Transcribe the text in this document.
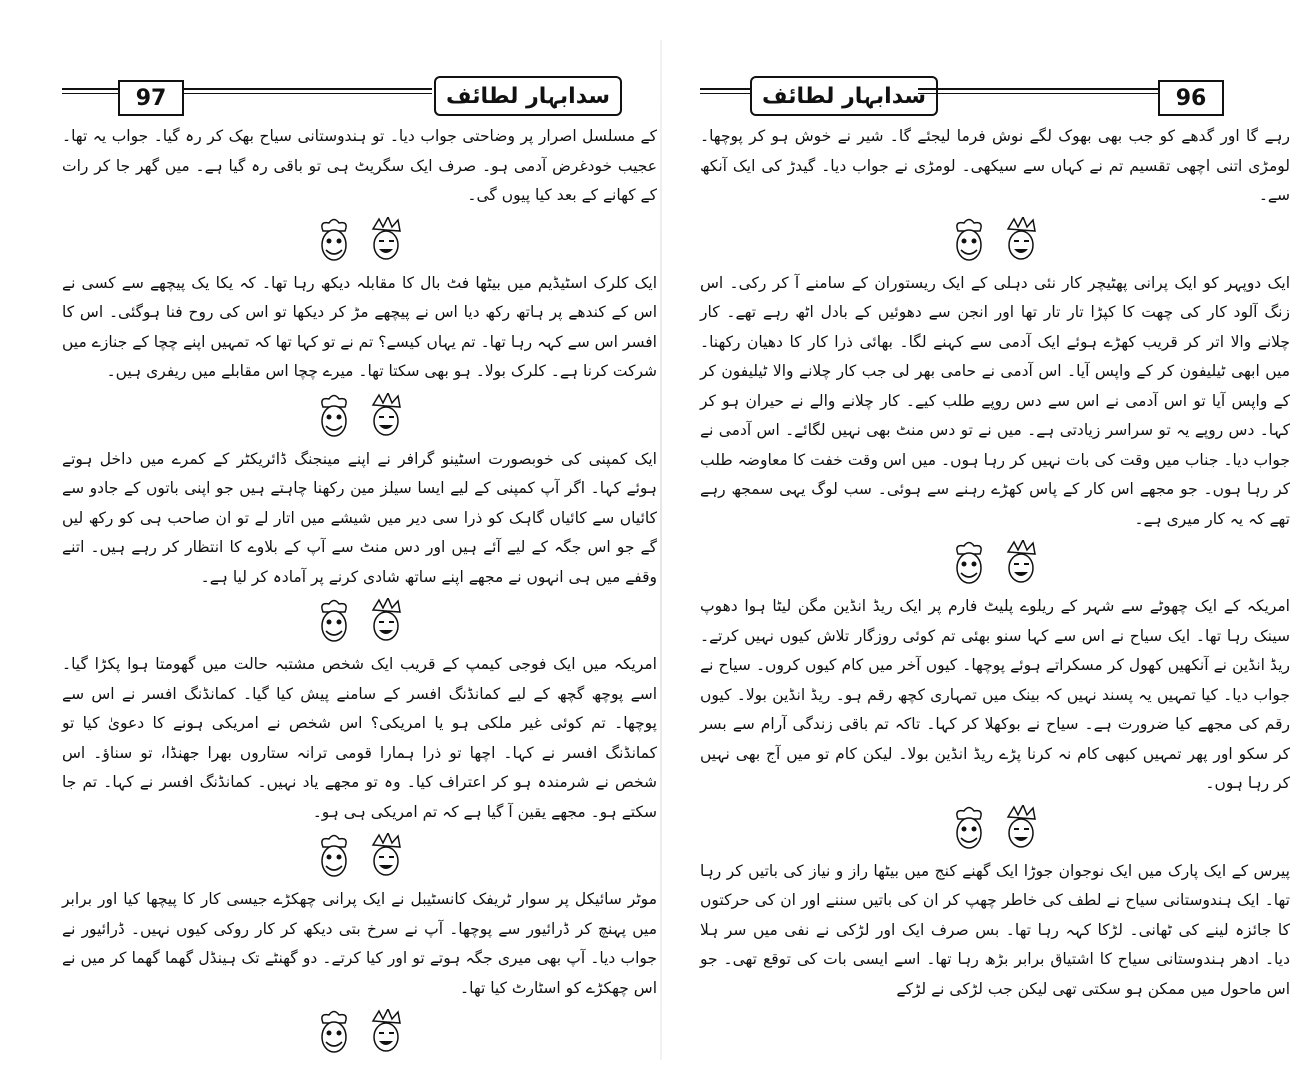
97	سدابہار لطائف

کے مسلسل اصرار پر وضاحتی جواب دیا۔ تو ہندوستانی سیاح بھک کر رہ گیا۔ جواب یہ تھا۔ عجیب خودغرض آدمی ہو۔ صرف ایک سگریٹ ہی تو باقی رہ گیا ہے۔ میں گھر جا کر رات کے کھانے کے بعد کیا پیوں گی۔

ایک کلرک اسٹیڈیم میں بیٹھا فٹ بال کا مقابلہ دیکھ رہا تھا۔ کہ یکا یک پیچھے سے کسی نے اس کے کندھے پر ہاتھ رکھ دیا اس نے پیچھے مڑ کر دیکھا تو اس کی روح فنا ہوگئی۔ اس کا افسر اس سے کہہ رہا تھا۔ تم یہاں کیسے؟ تم نے تو کہا تھا کہ تمہیں اپنے چچا کے جنازے میں شرکت کرنا ہے۔ کلرک بولا۔ ہو بھی سکتا تھا۔ میرے چچا اس مقابلے میں ریفری ہیں۔

ایک کمپنی کی خوبصورت اسٹینو گرافر نے اپنے مینجنگ ڈائریکٹر کے کمرے میں داخل ہوتے ہوئے کہا۔ اگر آپ کمپنی کے لیے ایسا سیلز مین رکھنا چاہتے ہیں جو اپنی باتوں کے جادو سے کائیاں سے کائیاں گاہک کو ذرا سی دیر میں شیشے میں اتار لے تو ان صاحب ہی کو رکھ لیں گے جو اس جگہ کے لیے آئے ہیں اور دس منٹ سے آپ کے بلاوے کا انتظار کر رہے ہیں۔ اتنے وقفے میں ہی انہوں نے مجھے اپنے ساتھ شادی کرنے پر آمادہ کر لیا ہے۔

امریکہ میں ایک فوجی کیمپ کے قریب ایک شخص مشتبہ حالت میں گھومتا ہوا پکڑا گیا۔ اسے پوچھ گچھ کے لیے کمانڈنگ افسر کے سامنے پیش کیا گیا۔ کمانڈنگ افسر نے اس سے پوچھا۔ تم کوئی غیر ملکی ہو یا امریکی؟ اس شخص نے امریکی ہونے کا دعویٰ کیا تو کمانڈنگ افسر نے کہا۔ اچھا تو ذرا ہمارا قومی ترانہ ستاروں بھرا جھنڈا، تو سناؤ۔ اس شخص نے شرمندہ ہو کر اعتراف کیا۔ وہ تو مجھے یاد نہیں۔ کمانڈنگ افسر نے کہا۔ تم جا سکتے ہو۔ مجھے یقین آ گیا ہے کہ تم امریکی ہی ہو۔

موٹر سائیکل پر سوار ٹریفک کانسٹیبل نے ایک پرانی چھکڑے جیسی کار کا پیچھا کیا اور برابر میں پہنچ کر ڈرائیور سے پوچھا۔ آپ نے سرخ بتی دیکھ کر کار روکی کیوں نہیں۔ ڈرائیور نے جواب دیا۔ آپ بھی میری جگہ ہوتے تو اور کیا کرتے۔ دو گھنٹے تک ہینڈل گھما گھما کر میں نے اس چھکڑے کو اسٹارٹ کیا تھا۔

سدابہار لطائف	96

رہے گا اور گدھے کو جب بھی بھوک لگے نوش فرما لیجئے گا۔ شیر نے خوش ہو کر پوچھا۔ لومڑی اتنی اچھی تقسیم تم نے کہاں سے سیکھی۔ لومڑی نے جواب دیا۔ گیدڑ کی ایک آنکھ سے۔

ایک دوپہر کو ایک پرانی پھٹیچر کار نئی دہلی کے ایک ریستوران کے سامنے آ کر رکی۔ اس زنگ آلود کار کی چھت کا کپڑا تار تار تھا اور انجن سے دھوئیں کے بادل اٹھ رہے تھے۔ کار چلانے والا اتر کر قریب کھڑے ہوئے ایک آدمی سے کہنے لگا۔ بھائی ذرا کار کا دھیان رکھنا۔ میں ابھی ٹیلیفون کر کے واپس آیا۔ اس آدمی نے حامی بھر لی جب کار چلانے والا ٹیلیفون کر کے واپس آیا تو اس آدمی نے اس سے دس روپے طلب کیے۔ کار چلانے والے نے حیران ہو کر کہا۔ دس روپے یہ تو سراسر زیادتی ہے۔ میں نے تو دس منٹ بھی نہیں لگائے۔ اس آدمی نے جواب دیا۔ جناب میں وقت کی بات نہیں کر رہا ہوں۔ میں اس وقت خفت کا معاوضہ طلب کر رہا ہوں۔ جو مجھے اس کار کے پاس کھڑے رہنے سے ہوئی۔ سب لوگ یہی سمجھ رہے تھے کہ یہ کار میری ہے۔

امریکہ کے ایک چھوٹے سے شہر کے ریلوے پلیٹ فارم پر ایک ریڈ انڈین مگن لیٹا ہوا دھوپ سینک رہا تھا۔ ایک سیاح نے اس سے کہا سنو بھئی تم کوئی روزگار تلاش کیوں نہیں کرتے۔ ریڈ انڈین نے آنکھیں کھول کر مسکراتے ہوئے پوچھا۔ کیوں آخر میں کام کیوں کروں۔ سیاح نے جواب دیا۔ کیا تمہیں یہ پسند نہیں کہ بینک میں تمہاری کچھ رقم ہو۔ ریڈ انڈین بولا۔ کیوں رقم کی مجھے کیا ضرورت ہے۔ سیاح نے بوکھلا کر کہا۔ تاکہ تم باقی زندگی آرام سے بسر کر سکو اور پھر تمہیں کبھی کام نہ کرنا پڑے ریڈ انڈین بولا۔ لیکن کام تو میں آج بھی نہیں کر رہا ہوں۔

پیرس کے ایک پارک میں ایک نوجوان جوڑا ایک گھنے کنج میں بیٹھا راز و نیاز کی باتیں کر رہا تھا۔ ایک ہندوستانی سیاح نے لطف کی خاطر چھپ کر ان کی باتیں سننے اور ان کی حرکتوں کا جائزہ لینے کی ٹھانی۔ لڑکا کہہ رہا تھا۔ بس صرف ایک اور لڑکی نے نفی میں سر ہلا دیا۔ ادھر ہندوستانی سیاح کا اشتیاق برابر بڑھ رہا تھا۔ اسے ایسی بات کی توقع تھی۔ جو اس ماحول میں ممکن ہو سکتی تھی لیکن جب لڑکی نے لڑکے
